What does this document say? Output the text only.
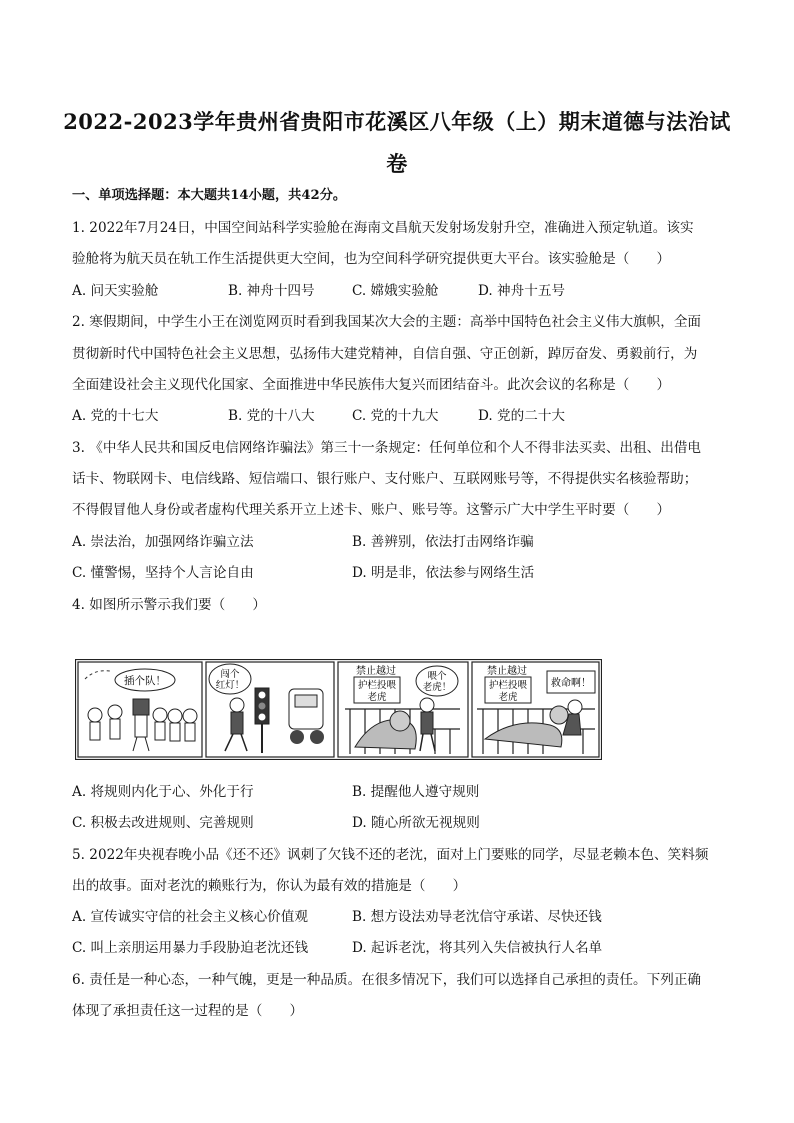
2022-2023学年贵州省贵阳市花溪区八年级（上）期末道德与法治试
卷
一、单项选择题：本大题共14小题，共42分。
1. 2022年7月24日，中国空间站科学实验舱在海南文昌航天发射场发射升空，准确进入预定轨道。该实
验舱将为航天员在轨工作生活提供更大空间，也为空间科学研究提供更大平台。该实验舱是（　　）
A. 问天实验舱	B. 神舟十四号	C. 嫦娥实验舱	D. 神舟十五号
2. 寒假期间，中学生小王在浏览网页时看到我国某次大会的主题：高举中国特色社会主义伟大旗帜，全面
贯彻新时代中国特色社会主义思想，弘扬伟大建党精神，自信自强、守正创新，踔厉奋发、勇毅前行，为
全面建设社会主义现代化国家、全面推进中华民族伟大复兴而团结奋斗。此次会议的名称是（　　）
A. 党的十七大	B. 党的十八大	C. 党的十九大	D. 党的二十大
3. 《中华人民共和国反电信网络诈骗法》第三十一条规定：任何单位和个人不得非法买卖、出租、出借电
话卡、物联网卡、电信线路、短信端口、银行账户、支付账户、互联网账号等，不得提供实名核验帮助；
不得假冒他人身份或者虚构代理关系开立上述卡、账户、账号等。这警示广大中学生平时要（　　）
A. 崇法治，加强网络诈骗立法	B. 善辨别，依法打击网络诈骗
C. 懂警惕，坚持个人言论自由	D. 明是非，依法参与网络生活
4. 如图所示警示我们要（　　）
插个队！
闯个
红灯！
禁止越过
护栏投喂
老虎
喂个
老虎！
禁止越过
护栏投喂
老虎
救命啊！
A. 将规则内化于心、外化于行	B. 提醒他人遵守规则
C. 积极去改进规则、完善规则	D. 随心所欲无视规则
5. 2022年央视春晚小品《还不还》讽刺了欠钱不还的老沈，面对上门要账的同学，尽显老赖本色、笑料频
出的故事。面对老沈的赖账行为，你认为最有效的措施是（　　）
A. 宣传诚实守信的社会主义核心价值观	B. 想方设法劝导老沈信守承诺、尽快还钱
C. 叫上亲朋运用暴力手段胁迫老沈还钱	D. 起诉老沈，将其列入失信被执行人名单
6. 责任是一种心态，一种气魄，更是一种品质。在很多情况下，我们可以选择自己承担的责任。下列正确
体现了承担责任这一过程的是（　　）
